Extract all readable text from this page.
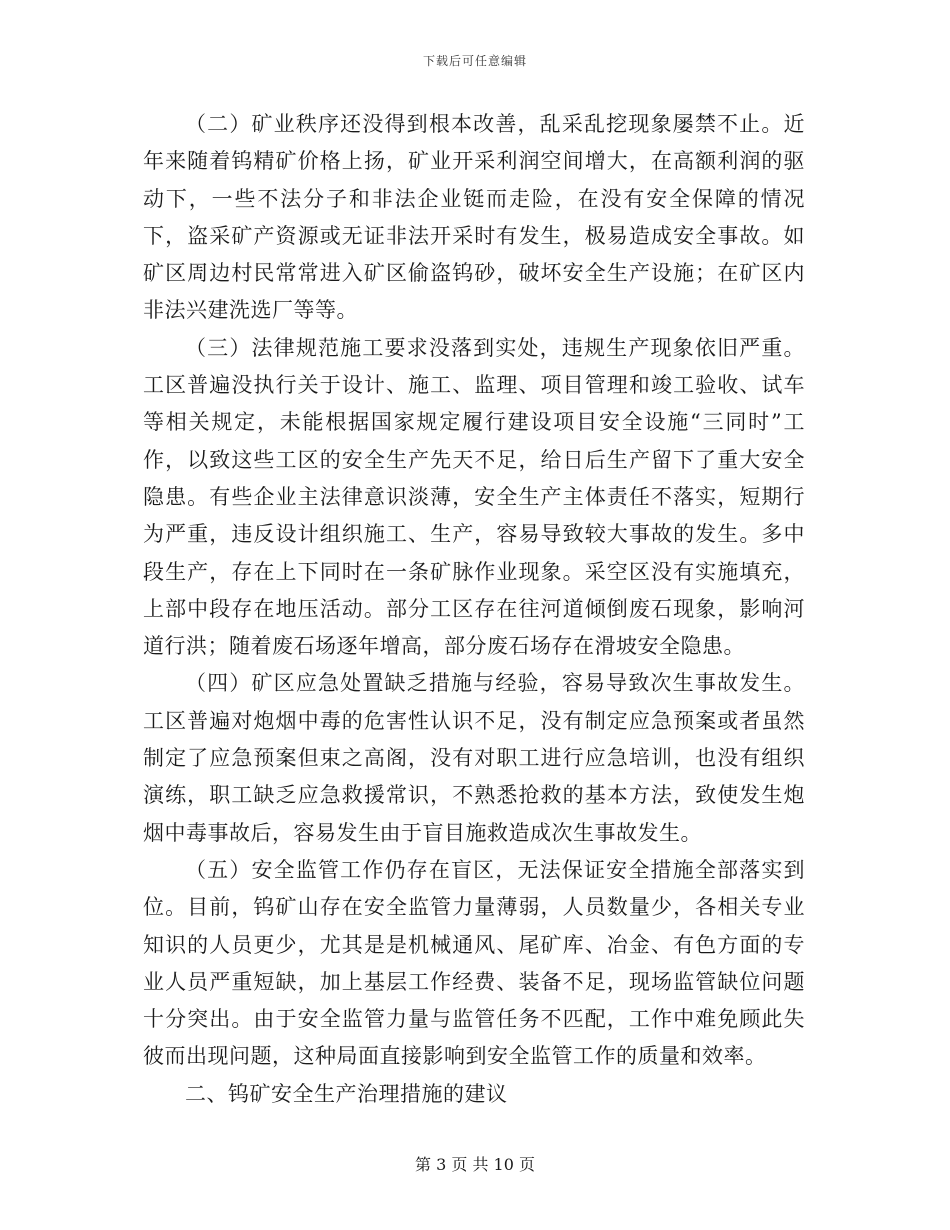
下载后可任意编辑

（二）矿业秩序还没得到根本改善，乱采乱挖现象屡禁不止。近年来随着钨精矿价格上扬，矿业开采利润空间增大，在高额利润的驱动下，一些不法分子和非法企业铤而走险，在没有安全保障的情况下，盗采矿产资源或无证非法开采时有发生，极易造成安全事故。如矿区周边村民常常进入矿区偷盗钨砂，破坏安全生产设施；在矿区内非法兴建洗选厂等等。

（三）法律规范施工要求没落到实处，违规生产现象依旧严重。工区普遍没执行关于设计、施工、监理、项目管理和竣工验收、试车等相关规定，未能根据国家规定履行建设项目安全设施“三同时”工作，以致这些工区的安全生产先天不足，给日后生产留下了重大安全隐患。有些企业主法律意识淡薄，安全生产主体责任不落实，短期行为严重，违反设计组织施工、生产，容易导致较大事故的发生。多中段生产，存在上下同时在一条矿脉作业现象。采空区没有实施填充，上部中段存在地压活动。部分工区存在往河道倾倒废石现象，影响河道行洪；随着废石场逐年增高，部分废石场存在滑坡安全隐患。

（四）矿区应急处置缺乏措施与经验，容易导致次生事故发生。工区普遍对炮烟中毒的危害性认识不足，没有制定应急预案或者虽然制定了应急预案但束之高阁，没有对职工进行应急培训，也没有组织演练，职工缺乏应急救援常识，不熟悉抢救的基本方法，致使发生炮烟中毒事故后，容易发生由于盲目施救造成次生事故发生。

（五）安全监管工作仍存在盲区，无法保证安全措施全部落实到位。目前，钨矿山存在安全监管力量薄弱，人员数量少，各相关专业知识的人员更少，尤其是是机械通风、尾矿库、冶金、有色方面的专业人员严重短缺，加上基层工作经费、装备不足，现场监管缺位问题十分突出。由于安全监管力量与监管任务不匹配，工作中难免顾此失彼而出现问题，这种局面直接影响到安全监管工作的质量和效率。

二、钨矿安全生产治理措施的建议

第 3 页 共 10 页
